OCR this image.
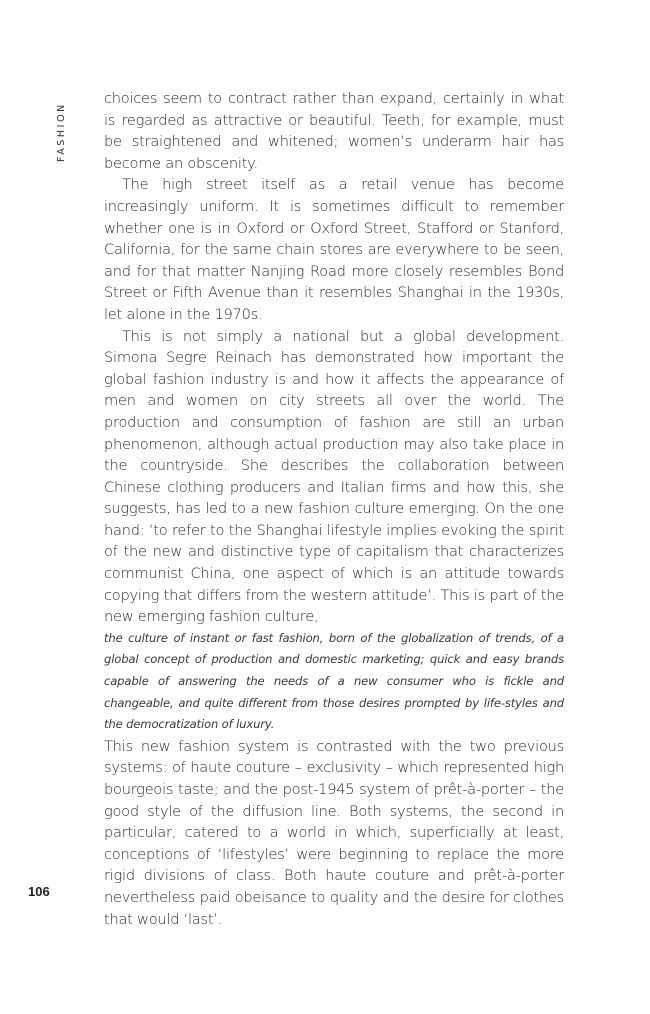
FASHION
106

choices seem to contract rather than expand, certainly in what is regarded as attractive or beautiful. Teeth, for example, must be straightened and whitened; women’s underarm hair has become an obscenity.

The high street itself as a retail venue has become increasingly uniform. It is sometimes difficult to remember whether one is in Oxford or Oxford Street, Stafford or Stanford, California, for the same chain stores are everywhere to be seen, and for that matter Nanjing Road more closely resembles Bond Street or Fifth Avenue than it resembles Shanghai in the 1930s, let alone in the 1970s.

This is not simply a national but a global development. Simona Segre Reinach has demonstrated how important the global fashion industry is and how it affects the appearance of men and women on city streets all over the world. The production and consumption of fashion are still an urban phenomenon, although actual production may also take place in the countryside. She describes the collaboration between Chinese clothing producers and Italian firms and how this, she suggests, has led to a new fashion culture emerging. On the one hand: ‘to refer to the Shanghai lifestyle implies evoking the spirit of the new and distinctive type of capitalism that characterizes communist China, one aspect of which is an attitude towards copying that differs from the western attitude’. This is part of the new emerging fashion culture,

the culture of instant or fast fashion, born of the globalization of trends, of a global concept of production and domestic marketing; quick and easy brands capable of answering the needs of a new consumer who is fickle and changeable, and quite different from those desires prompted by life-styles and the democratization of luxury.

This new fashion system is contrasted with the two previous systems: of haute couture – exclusivity – which represented high bourgeois taste; and the post-1945 system of prêt-à-porter – the good style of the diffusion line. Both systems, the second in particular, catered to a world in which, superficially at least, conceptions of ‘lifestyles’ were beginning to replace the more rigid divisions of class. Both haute couture and prêt-à-porter nevertheless paid obeisance to quality and the desire for clothes that would ‘last’.
